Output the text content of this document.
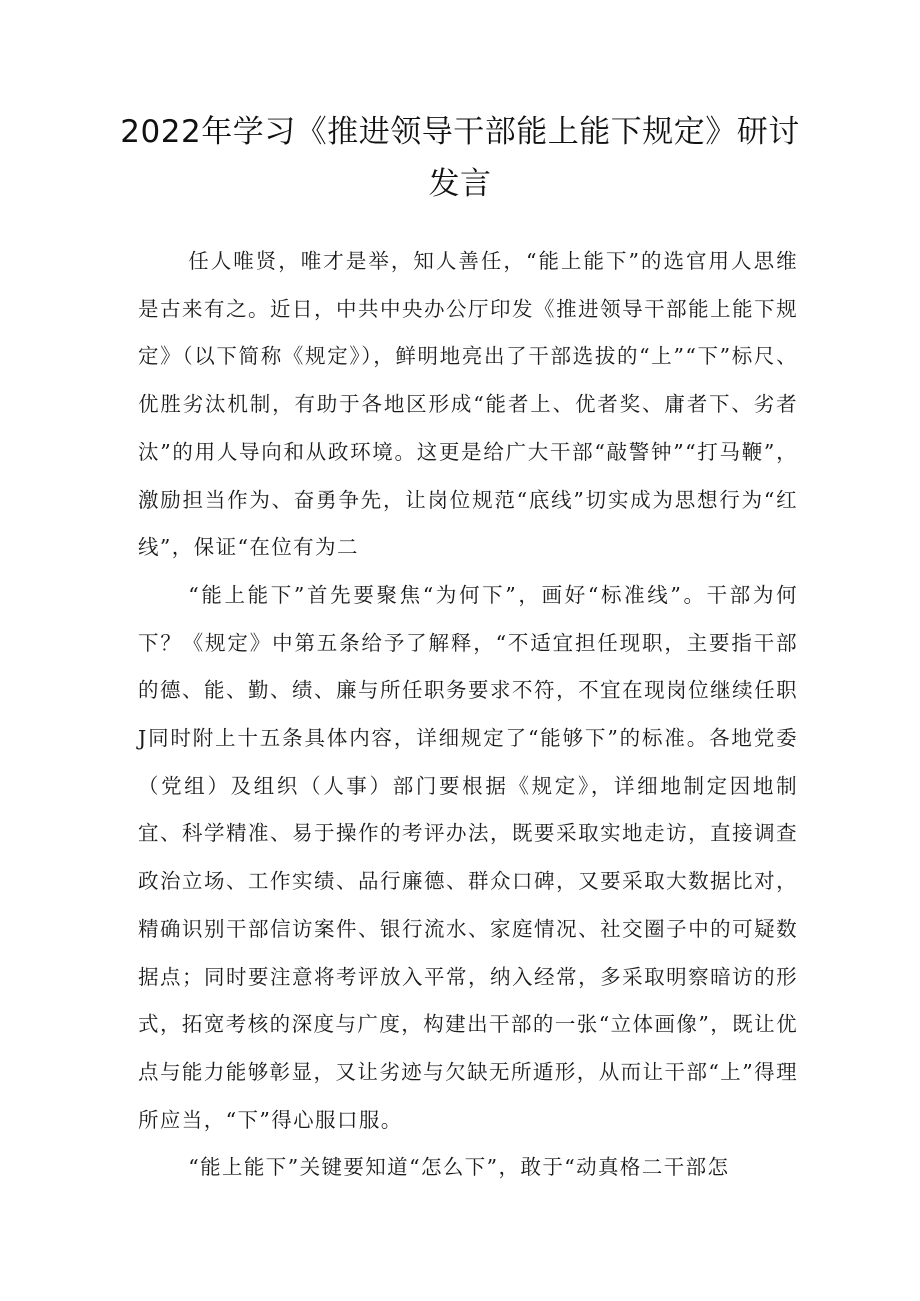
2022年学习《推进领导干部能上能下规定》研讨发言

任人唯贤，唯才是举，知人善任，“能上能下”的选官用人思维是古来有之。近日，中共中央办公厅印发《推进领导干部能上能下规定》（以下简称《规定》），鲜明地亮出了干部选拔的“上”“下”标尺、优胜劣汰机制，有助于各地区形成“能者上、优者奖、庸者下、劣者汰”的用人导向和从政环境。这更是给广大干部“敲警钟”“打马鞭”，激励担当作为、奋勇争先，让岗位规范“底线”切实成为思想行为“红线”，保证“在位有为二

“能上能下”首先要聚焦“为何下”，画好“标准线”。干部为何下？《规定》中第五条给予了解释，“不适宜担任现职，主要指干部的德、能、勤、绩、廉与所任职务要求不符，不宜在现岗位继续任职J同时附上十五条具体内容，详细规定了“能够下”的标准。各地党委（党组）及组织（人事）部门要根据《规定》，详细地制定因地制宜、科学精准、易于操作的考评办法，既要采取实地走访，直接调查政治立场、工作实绩、品行廉德、群众口碑，又要采取大数据比对，精确识别干部信访案件、银行流水、家庭情况、社交圈子中的可疑数据点；同时要注意将考评放入平常，纳入经常，多采取明察暗访的形式，拓宽考核的深度与广度，构建出干部的一张“立体画像”，既让优点与能力能够彰显，又让劣迹与欠缺无所遁形，从而让干部“上”得理所应当，“下”得心服口服。

“能上能下”关键要知道“怎么下”，敢于“动真格二干部怎
